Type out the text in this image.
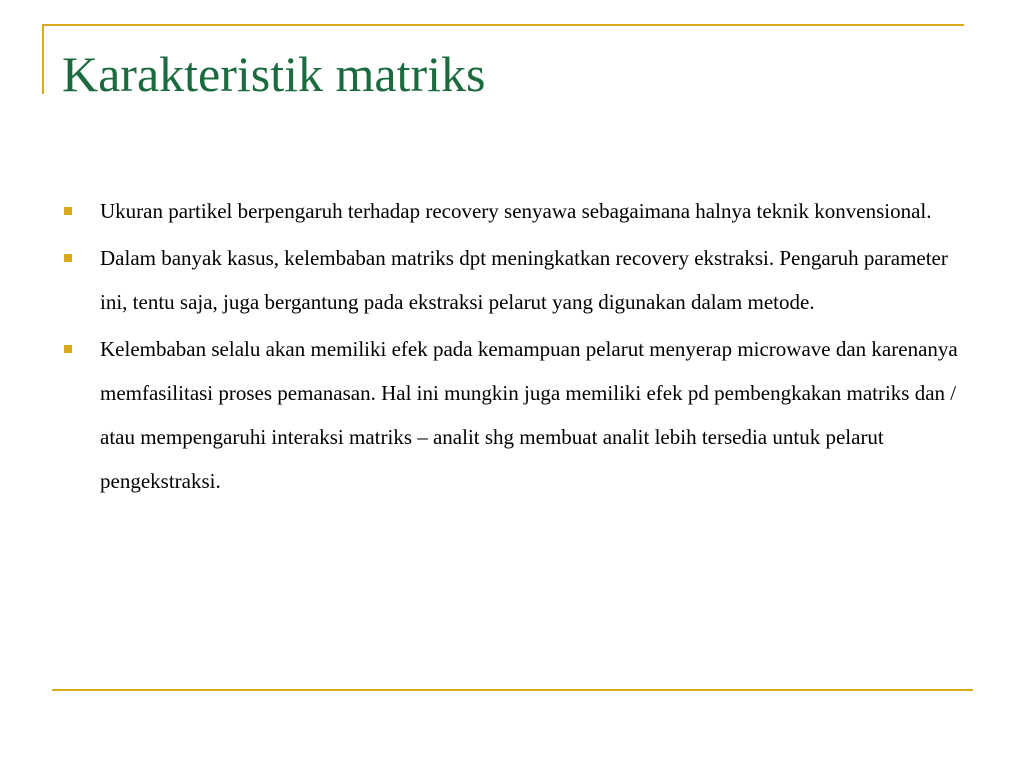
Karakteristik matriks
Ukuran partikel berpengaruh terhadap recovery senyawa sebagaimana halnya teknik konvensional.
Dalam banyak kasus, kelembaban matriks dpt meningkatkan recovery ekstraksi. Pengaruh parameter ini, tentu saja, juga bergantung pada ekstraksi pelarut yang digunakan dalam metode.
Kelembaban selalu akan memiliki efek pada kemampuan pelarut menyerap microwave dan karenanya memfasilitasi proses pemanasan. Hal ini mungkin juga memiliki efek pd pembengkakan matriks dan / atau mempengaruhi interaksi matriks – analit shg membuat analit lebih tersedia untuk pelarut pengekstraksi.
